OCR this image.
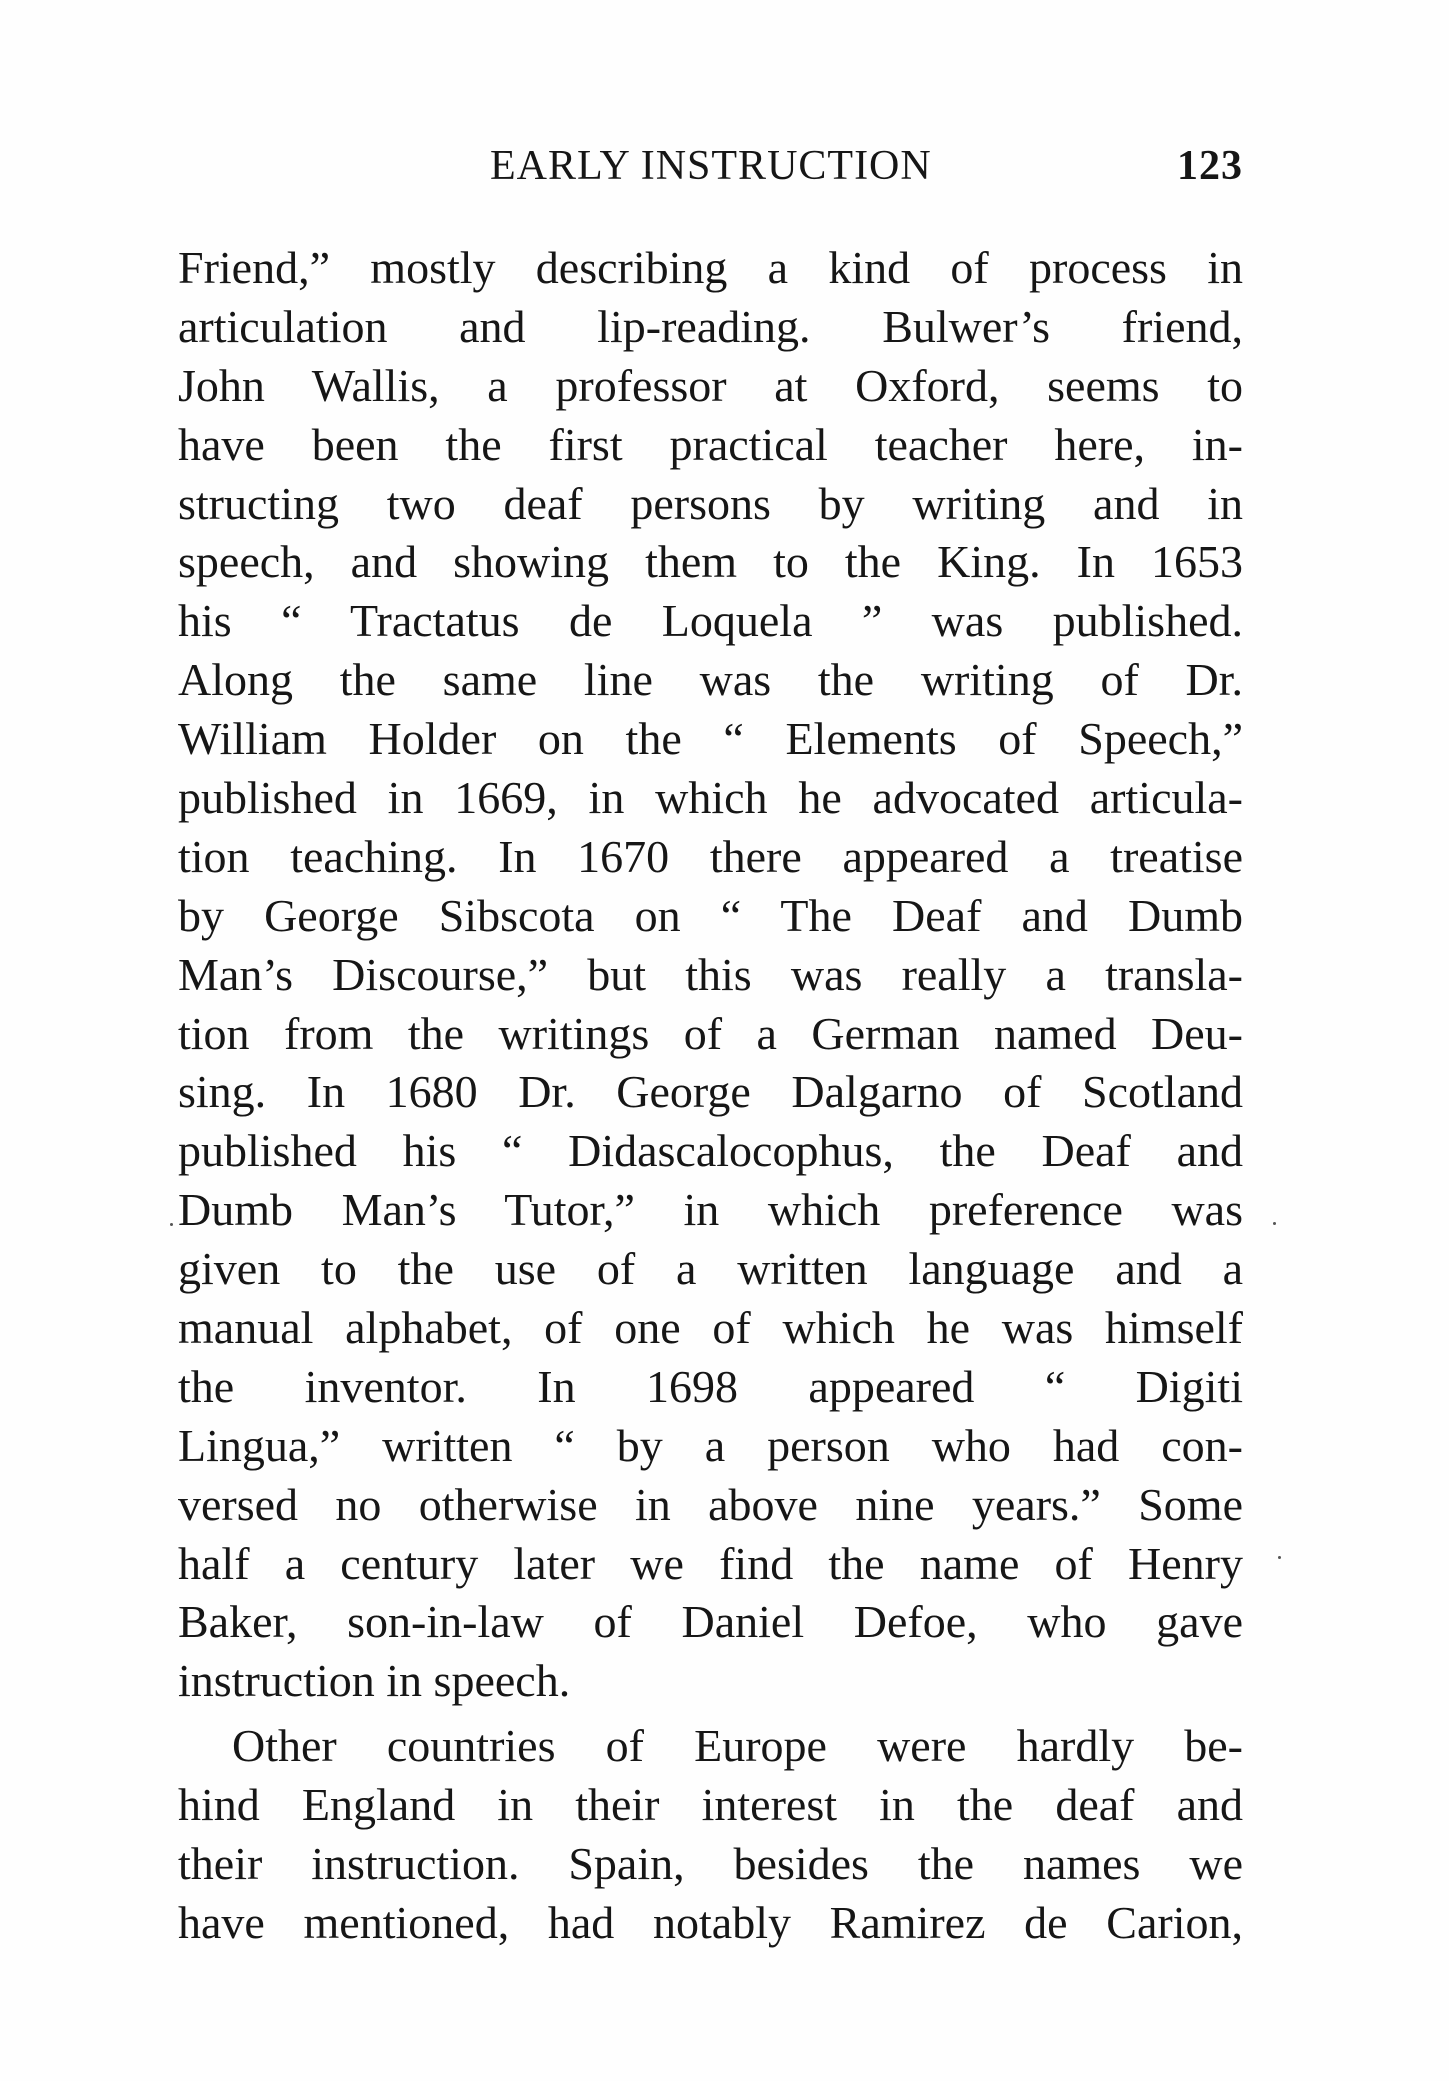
EARLY INSTRUCTION	123
Friend,” mostly describing a kind of process in
articulation and lip-reading. Bulwer’s friend,
John Wallis, a professor at Oxford, seems to
have been the first practical teacher here, in-
structing two deaf persons by writing and in
speech, and showing them to the King. In 1653
his “ Tractatus de Loquela ” was published.
Along the same line was the writing of Dr.
William Holder on the “ Elements of Speech,”
published in 1669, in which he advocated articula-
tion teaching. In 1670 there appeared a treatise
by George Sibscota on “ The Deaf and Dumb
Man’s Discourse,” but this was really a transla-
tion from the writings of a German named Deu-
sing. In 1680 Dr. George Dalgarno of Scotland
published his “ Didascalocophus, the Deaf and
Dumb Man’s Tutor,” in which preference was
given to the use of a written language and a
manual alphabet, of one of which he was himself
the inventor. In 1698 appeared “ Digiti
Lingua,” written “ by a person who had con-
versed no otherwise in above nine years.” Some
half a century later we find the name of Henry
Baker, son-in-law of Daniel Defoe, who gave
instruction in speech.
Other countries of Europe were hardly be-
hind England in their interest in the deaf and
their instruction. Spain, besides the names we
have mentioned, had notably Ramirez de Carion,
